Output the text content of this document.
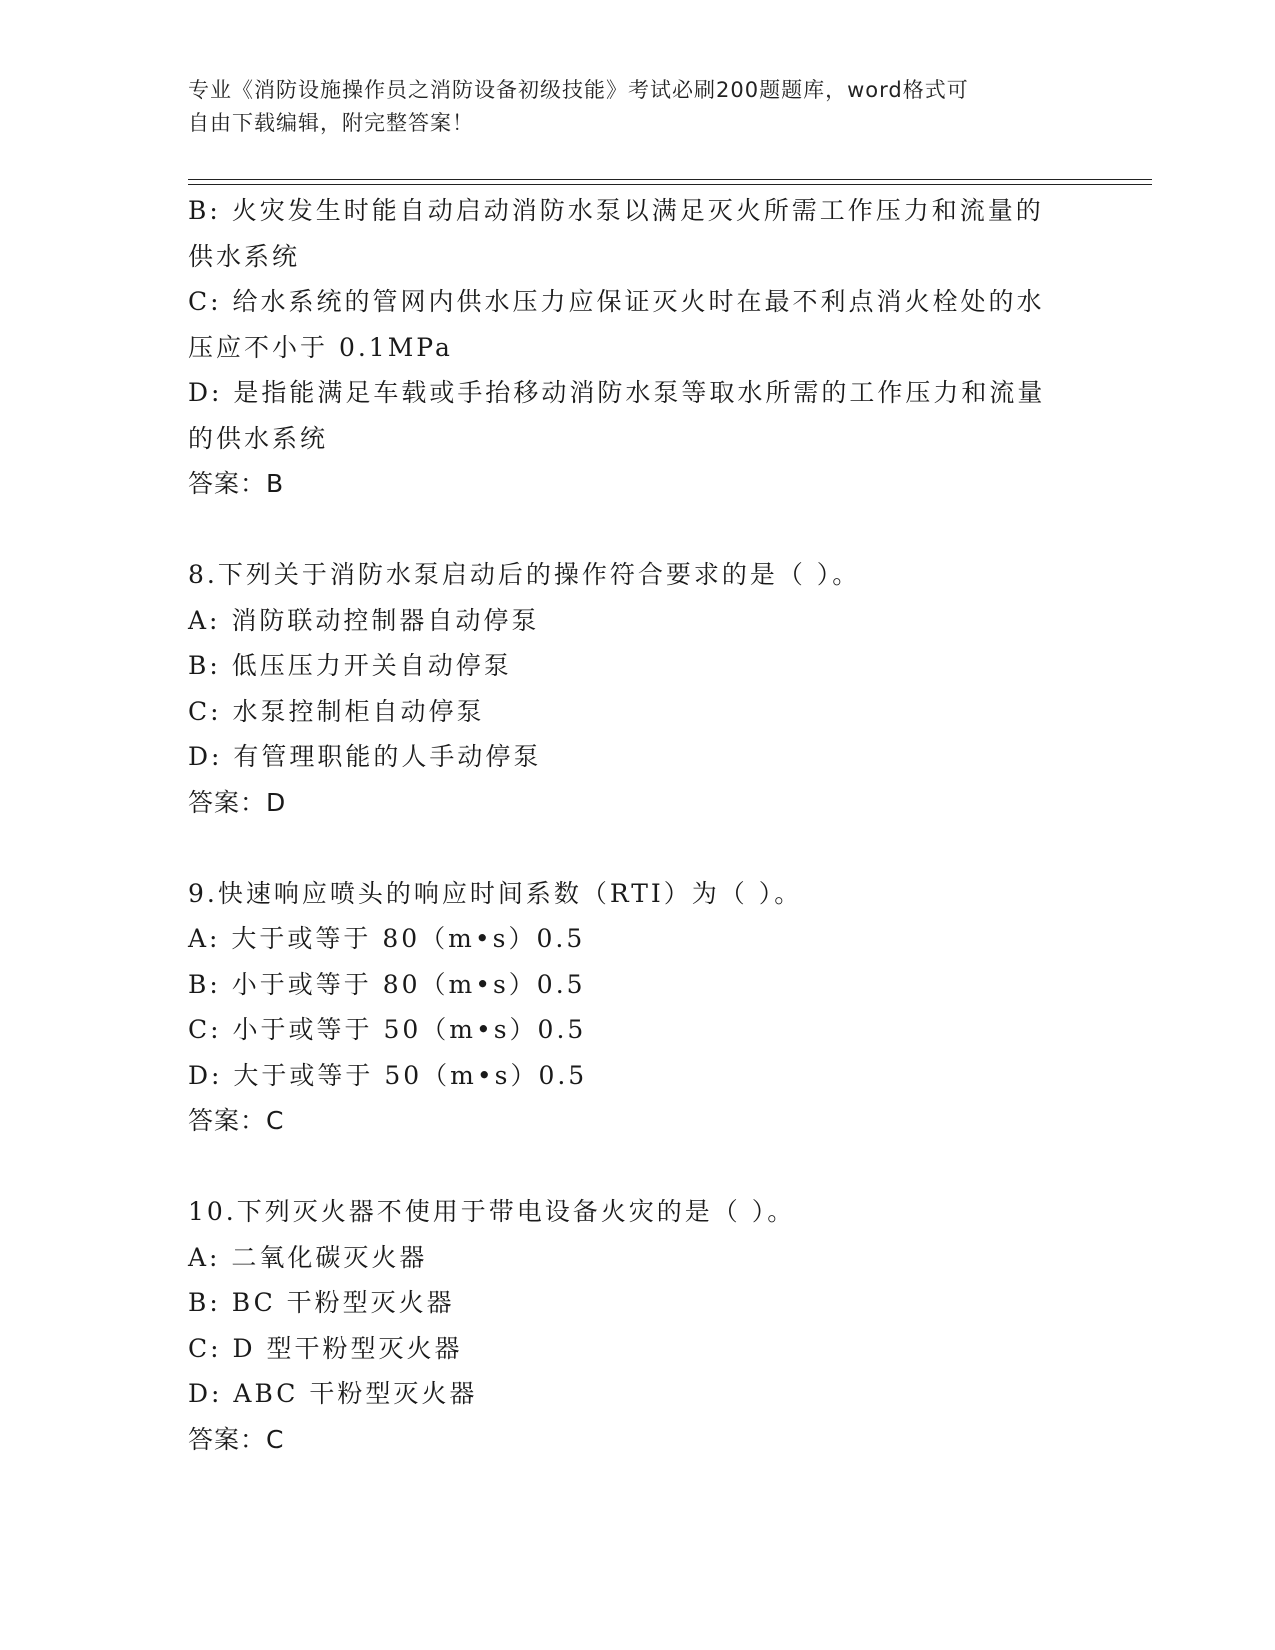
专业《消防设施操作员之消防设备初级技能》考试必刷200题题库，word格式可
自由下载编辑，附完整答案！
B: 火灾发生时能自动启动消防水泵以满足灭火所需工作压力和流量的
供水系统
C: 给水系统的管网内供水压力应保证灭火时在最不利点消火栓处的水
压应不小于 0.1MPa
D: 是指能满足车载或手抬移动消防水泵等取水所需的工作压力和流量
的供水系统
答案：B
8.下列关于消防水泵启动后的操作符合要求的是（ ）。
A: 消防联动控制器自动停泵
B: 低压压力开关自动停泵
C: 水泵控制柜自动停泵
D: 有管理职能的人手动停泵
答案：D
9.快速响应喷头的响应时间系数（RTI）为（ ）。
A: 大于或等于 80（m•s）0.5
B: 小于或等于 80（m•s）0.5
C: 小于或等于 50（m•s）0.5
D: 大于或等于 50（m•s）0.5
答案：C
10.下列灭火器不使用于带电设备火灾的是（ ）。
A: 二氧化碳灭火器
B: BC 干粉型灭火器
C: D 型干粉型灭火器
D: ABC 干粉型灭火器
答案：C
